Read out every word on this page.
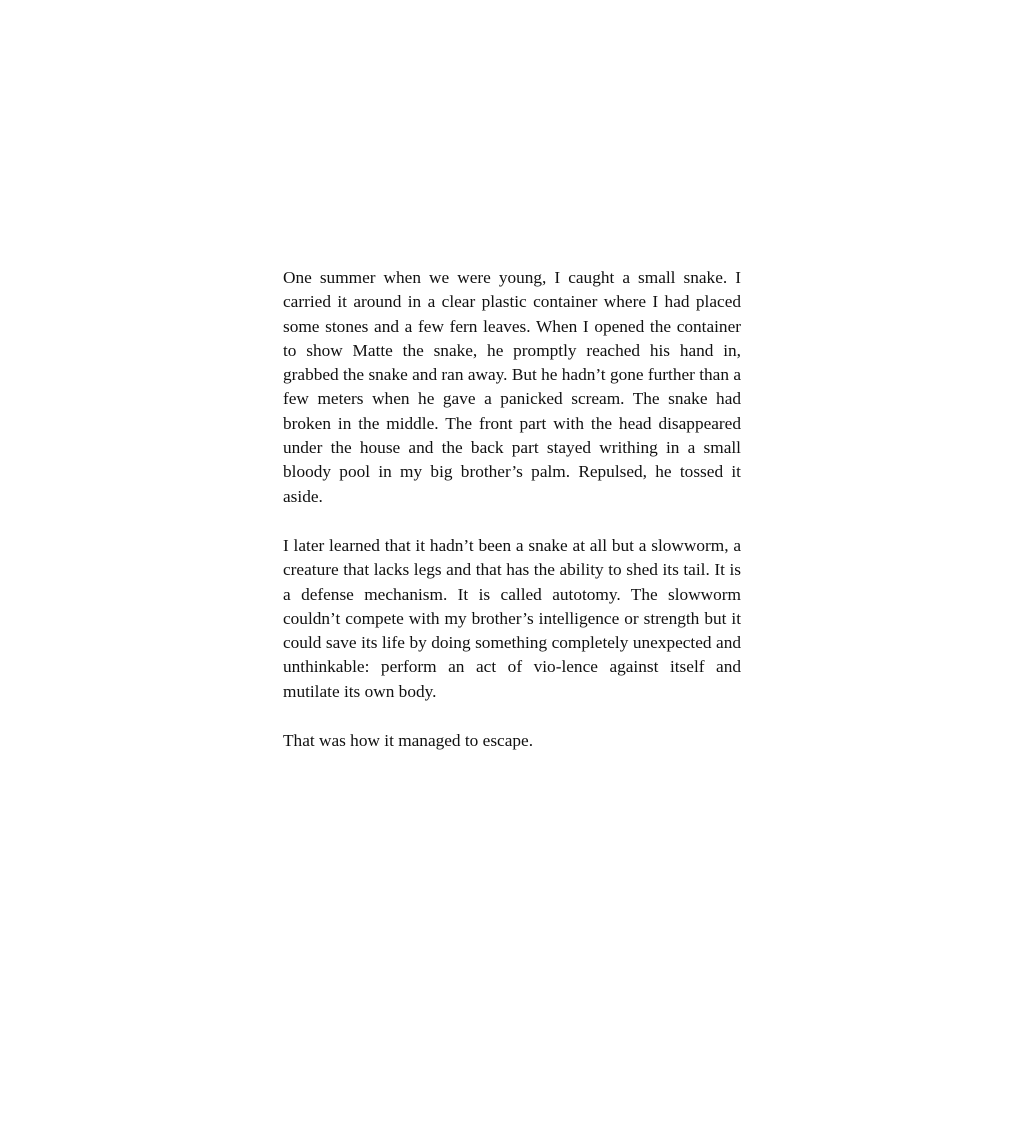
One summer when we were young, I caught a small snake. I carried it around in a clear plastic container where I had placed some stones and a few fern leaves. When I opened the container to show Matte the snake, he promptly reached his hand in, grabbed the snake and ran away. But he hadn’t gone further than a few meters when he gave a panicked scream. The snake had broken in the middle. The front part with the head disappeared under the house and the back part stayed writhing in a small bloody pool in my big brother’s palm. Repulsed, he tossed it aside.

I later learned that it hadn’t been a snake at all but a slowworm, a creature that lacks legs and that has the ability to shed its tail. It is a defense mechanism. It is called autotomy. The slowworm couldn’t compete with my brother’s intelligence or strength but it could save its life by doing something completely unexpected and unthinkable: perform an act of vio‐lence against itself and mutilate its own body.

That was how it managed to escape.
